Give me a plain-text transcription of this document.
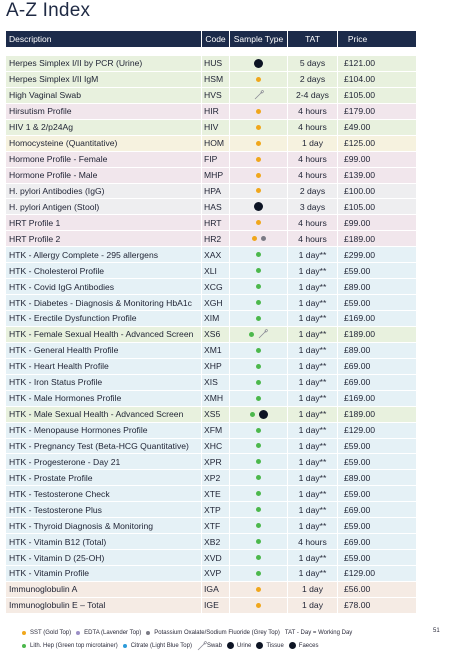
A-Z Index
Description	Code Sample Type	TAT	Price
Herpes Simplex I/II by PCR (Urine)	HUS	5 days	£121.00
Herpes Simplex I/II IgM	HSM	2 days	£104.00
High Vaginal Swab	HVS	2-4 days	£105.00
Hirsutism Profile	HIR	4 hours	£179.00
HIV 1 & 2/p24Ag	HIV	4 hours	£49.00
Homocysteine (Quantitative)	HOM	1 day	£125.00
Hormone Profile - Female	FIP	4 hours	£99.00
Hormone Profile - Male	MHP	4 hours	£139.00
H. pylori Antibodies (IgG)	HPA	2 days	£100.00
H. pylori Antigen (Stool)	HAS	3 days	£105.00
HRT Profile 1	HRT	4 hours	£99.00
HRT Profile 2	HR2	4 hours	£189.00
HTK - Allergy Complete - 295 allergens	XAX	1 day**	£299.00
HTK - Cholesterol Profile	XLI	1 day**	£59.00
HTK - Covid IgG Antibodies	XCG	1 day**	£89.00
HTK - Diabetes - Diagnosis & Monitoring HbA1c	XGH	1 day**	£59.00
HTK - Erectile Dysfunction Profile	XIM	1 day**	£169.00
HTK - Female Sexual Health - Advanced Screen	XS6	1 day**	£189.00
HTK - General Health Profile	XM1	1 day**	£89.00
HTK - Heart Health Profile	XHP	1 day**	£69.00
HTK - Iron Status Profile	XIS	1 day**	£69.00
HTK - Male Hormones Profile	XMH	1 day**	£169.00
HTK - Male Sexual Health - Advanced Screen	XS5	1 day**	£189.00
HTK - Menopause Hormones Profile	XFM	1 day**	£129.00
HTK - Pregnancy Test (Beta-HCG Quantitative)	XHC	1 day**	£59.00
HTK - Progesterone - Day 21	XPR	1 day**	£59.00
HTK - Prostate Profile	XP2	1 day**	£89.00
HTK - Testosterone Check	XTE	1 day**	£59.00
HTK - Testosterone Plus	XTP	1 day**	£69.00
HTK - Thyroid Diagnosis & Monitoring	XTF	1 day**	£59.00
HTK - Vitamin B12 (Total)	XB2	4 hours	£69.00
HTK - Vitamin D (25-OH)	XVD	1 day**	£59.00
HTK - Vitamin Profile	XVP	1 day**	£129.00
Immunoglobulin A	IGA	1 day	£56.00
Immunoglobulin E – Total	IGE	1 day	£78.00
SST (Gold Top) EDTA (Lavender Top) Potassium Oxalate/Sodium Fluoride (Grey Top) TAT - Day = Working Day
Lith. Hep (Green top microtainer) Citrate (Light Blue Top)	Swab	Urine	Tissue	Faeces
51
